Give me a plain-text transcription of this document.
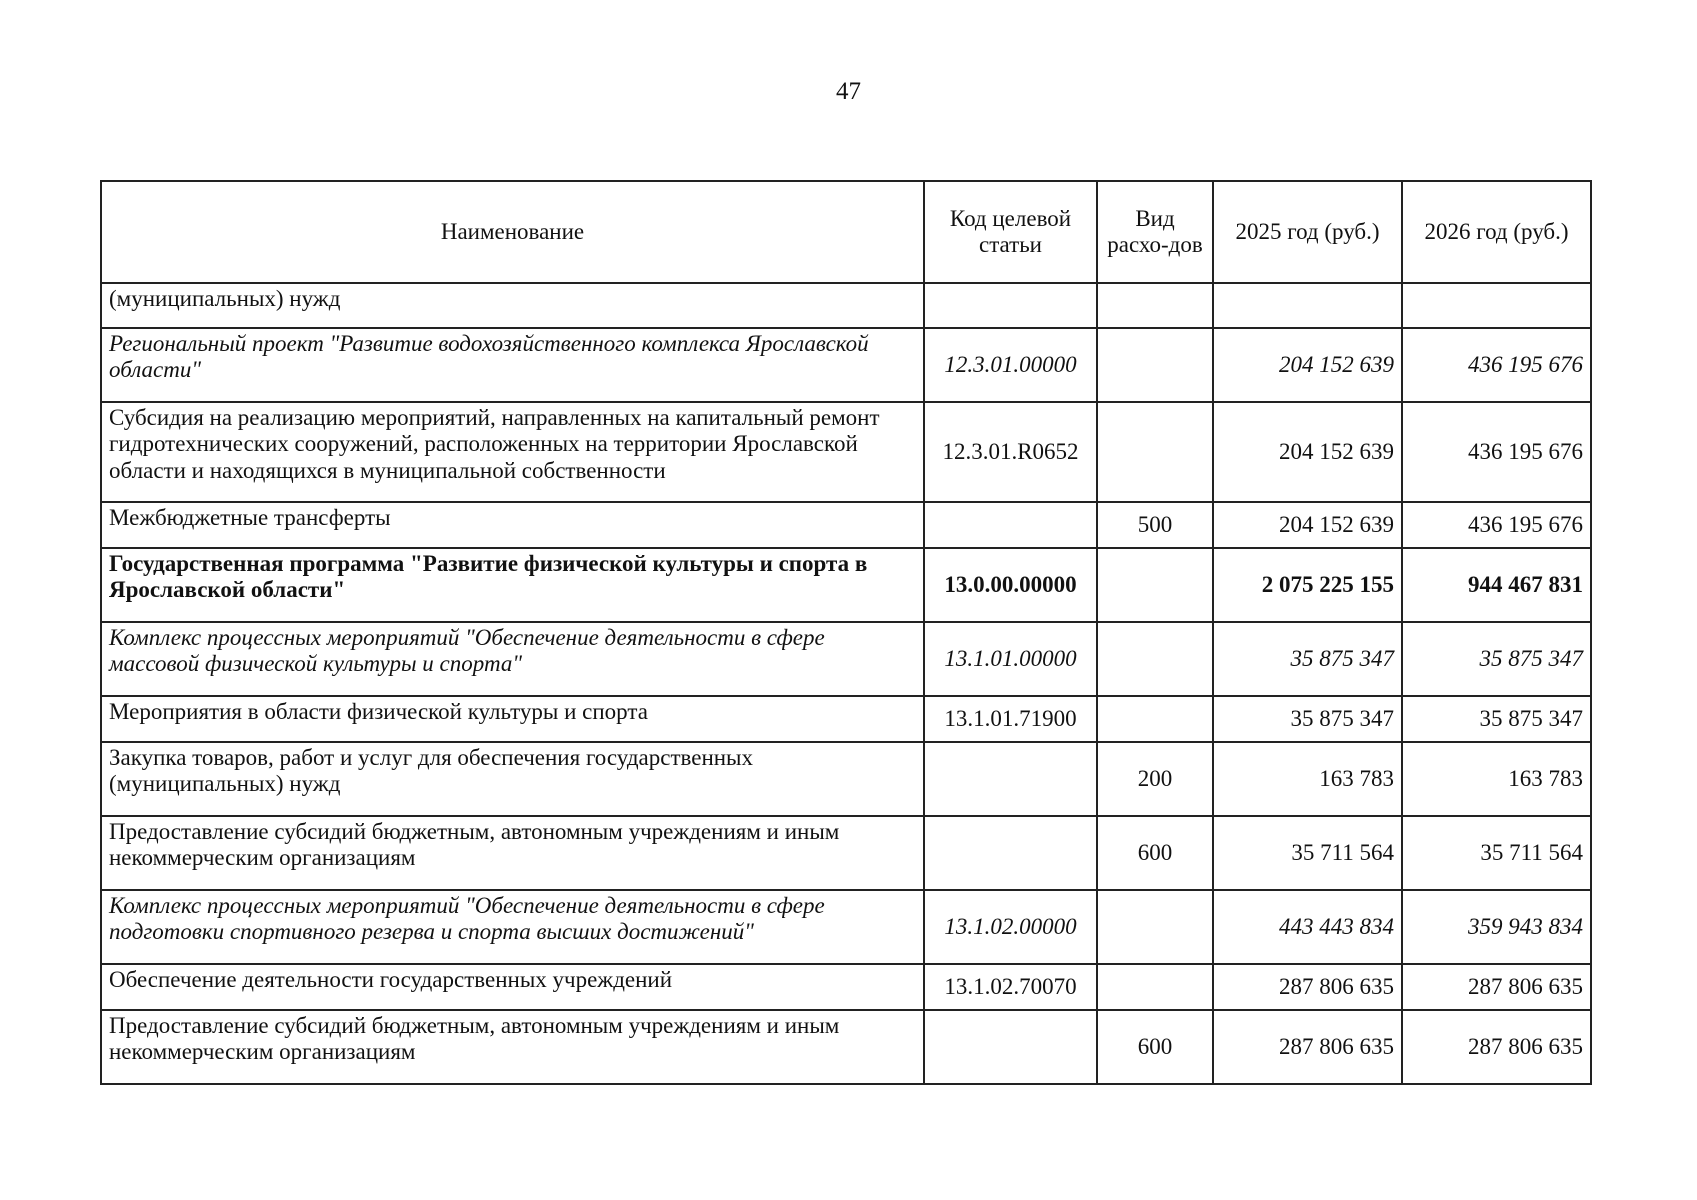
47
Наименование	Код целевой статьи	Вид расхо-дов	2025 год (руб.)	2026 год (руб.)
(муниципальных) нужд				
Региональный проект "Развитие водохозяйственного комплекса Ярославской области"	12.3.01.00000		204 152 639	436 195 676
Субсидия на реализацию мероприятий, направленных на капитальный ремонт гидротехнических сооружений, расположенных на территории Ярославской области и находящихся в муниципальной собственности	12.3.01.R0652		204 152 639	436 195 676
Межбюджетные трансферты		500	204 152 639	436 195 676
Государственная программа "Развитие физической культуры и спорта в Ярославской области"	13.0.00.00000		2 075 225 155	944 467 831
Комплекс процессных мероприятий "Обеспечение деятельности в сфере массовой физической культуры и спорта"	13.1.01.00000		35 875 347	35 875 347
Мероприятия в области физической культуры и спорта	13.1.01.71900		35 875 347	35 875 347
Закупка товаров, работ и услуг для обеспечения государственных (муниципальных) нужд		200	163 783	163 783
Предоставление субсидий бюджетным, автономным учреждениям и иным некоммерческим организациям		600	35 711 564	35 711 564
Комплекс процессных мероприятий "Обеспечение деятельности в сфере подготовки спортивного резерва и спорта высших достижений"	13.1.02.00000		443 443 834	359 943 834
Обеспечение деятельности государственных учреждений	13.1.02.70070		287 806 635	287 806 635
Предоставление субсидий бюджетным, автономным учреждениям и иным некоммерческим организациям		600	287 806 635	287 806 635
